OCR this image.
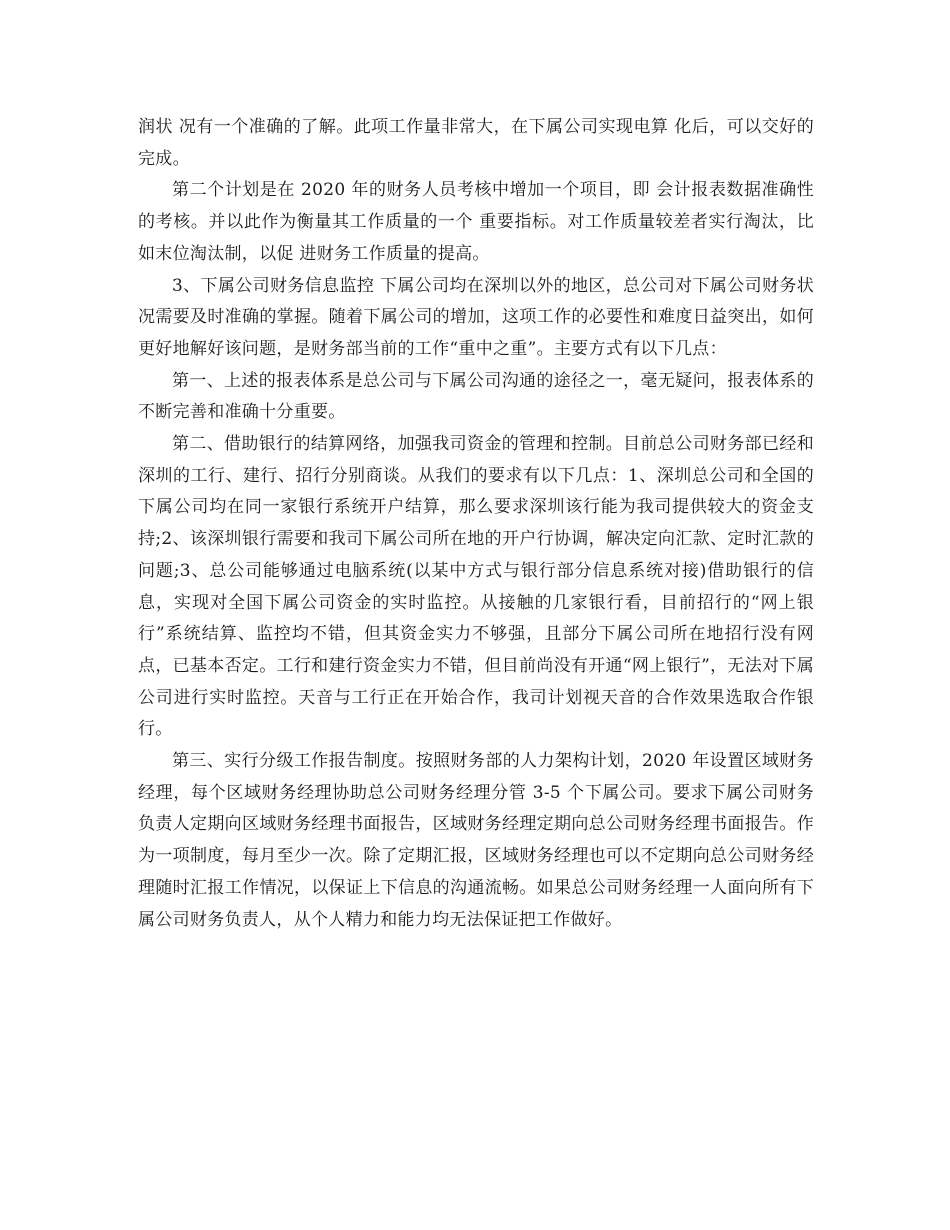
润状 况有一个准确的了解。此项工作量非常大，在下属公司实现电算 化后，可以交好的完成。

第二个计划是在 2020 年的财务人员考核中增加一个项目，即 会计报表数据准确性的考核。并以此作为衡量其工作质量的一个 重要指标。对工作质量较差者实行淘汰，比如末位淘汰制，以促 进财务工作质量的提高。

3、下属公司财务信息监控 下属公司均在深圳以外的地区，总公司对下属公司财务状况需要及时准确的掌握。随着下属公司的增加，这项工作的必要性和难度日益突出，如何更好地解好该问题，是财务部当前的工作“重中之重”。主要方式有以下几点：

第一、上述的报表体系是总公司与下属公司沟通的途径之一，毫无疑问，报表体系的不断完善和准确十分重要。

第二、借助银行的结算网络，加强我司资金的管理和控制。目前总公司财务部已经和深圳的工行、建行、招行分别商谈。从我们的要求有以下几点：1、深圳总公司和全国的下属公司均在同一家银行系统开户结算，那么要求深圳该行能为我司提供较大的资金支持;2、该深圳银行需要和我司下属公司所在地的开户行协调，解决定向汇款、定时汇款的问题;3、总公司能够通过电脑系统(以某中方式与银行部分信息系统对接)借助银行的信息，实现对全国下属公司资金的实时监控。从接触的几家银行看，目前招行的“网上银行”系统结算、监控均不错，但其资金实力不够强，且部分下属公司所在地招行没有网点，已基本否定。工行和建行资金实力不错，但目前尚没有开通“网上银行”，无法对下属公司进行实时监控。天音与工行正在开始合作，我司计划视天音的合作效果选取合作银行。

第三、实行分级工作报告制度。按照财务部的人力架构计划，2020 年设置区域财务经理，每个区域财务经理协助总公司财务经理分管 3-5 个下属公司。要求下属公司财务负责人定期向区域财务经理书面报告，区域财务经理定期向总公司财务经理书面报告。作为一项制度，每月至少一次。除了定期汇报，区域财务经理也可以不定期向总公司财务经理随时汇报工作情况，以保证上下信息的沟通流畅。如果总公司财务经理一人面向所有下属公司财务负责人，从个人精力和能力均无法保证把工作做好。
